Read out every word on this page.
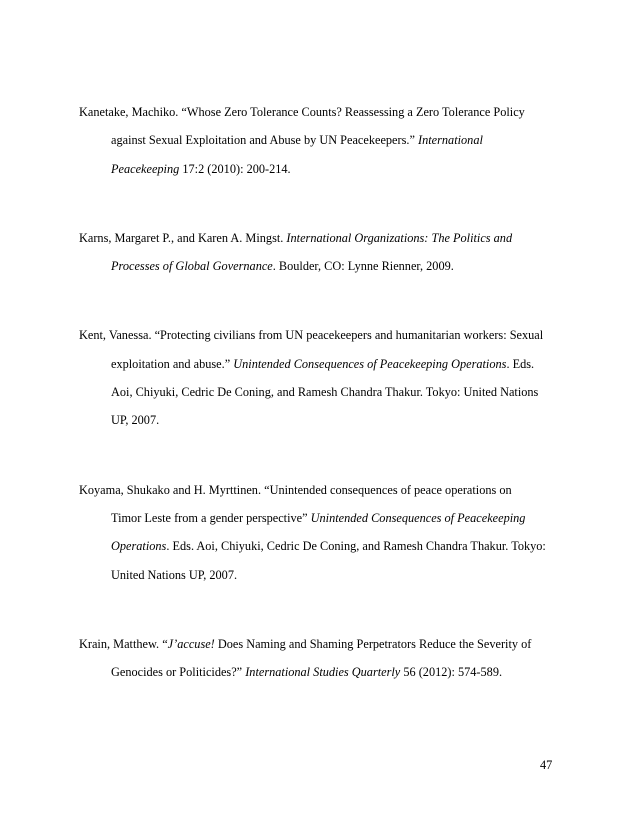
Kanetake, Machiko. “Whose Zero Tolerance Counts? Reassessing a Zero Tolerance Policy
against Sexual Exploitation and Abuse by UN Peacekeepers.” International
Peacekeeping 17:2 (2010): 200-214.
Karns, Margaret P., and Karen A. Mingst. International Organizations: The Politics and
Processes of Global Governance. Boulder, CO: Lynne Rienner, 2009.
Kent, Vanessa. “Protecting civilians from UN peacekeepers and humanitarian workers: Sexual
exploitation and abuse.” Unintended Consequences of Peacekeeping Operations. Eds.
Aoi, Chiyuki, Cedric De Coning, and Ramesh Chandra Thakur. Tokyo: United Nations
UP, 2007.
Koyama, Shukako and H. Myrttinen. “Unintended consequences of peace operations on
Timor Leste from a gender perspective” Unintended Consequences of Peacekeeping
Operations. Eds. Aoi, Chiyuki, Cedric De Coning, and Ramesh Chandra Thakur. Tokyo:
United Nations UP, 2007.
Krain, Matthew. “J’accuse! Does Naming and Shaming Perpetrators Reduce the Severity of
Genocides or Politicides?” International Studies Quarterly 56 (2012): 574-589.
47
